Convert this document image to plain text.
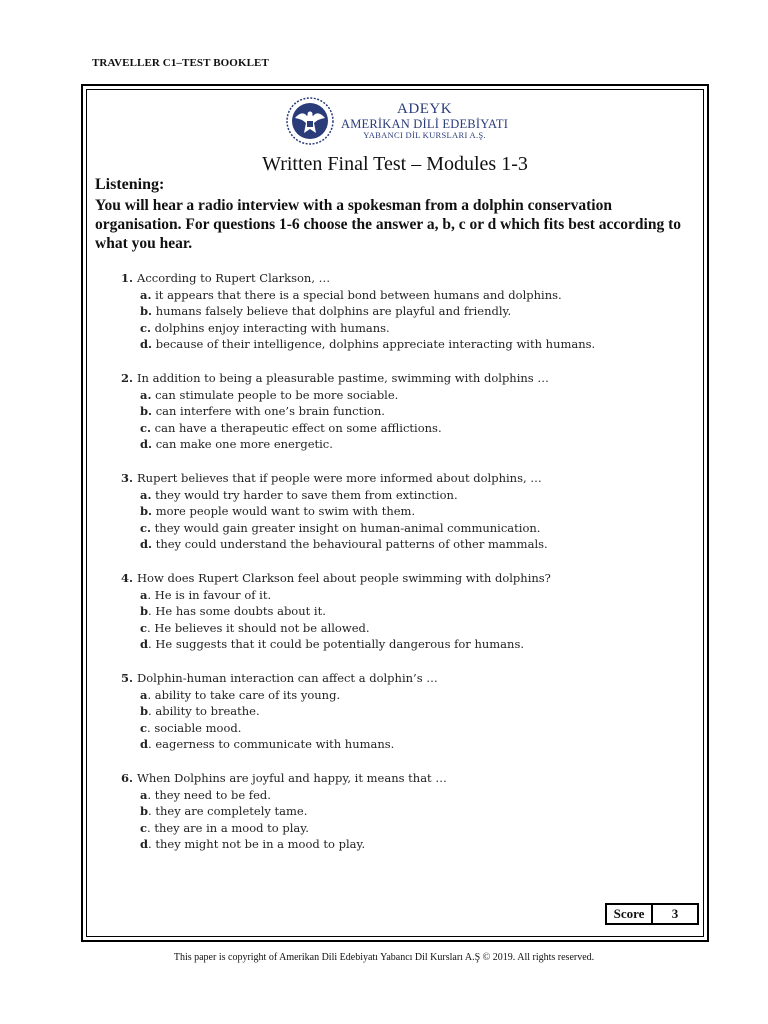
TRAVELLER C1–TEST BOOKLET
ADEYK
AMERİKAN DİLİ EDEBİYATI
YABANCI DİL KURSLARI A.Ş.
Written Final Test – Modules 1-3
Listening:
You will hear a radio interview with a spokesman from a dolphin conservation organisation. For questions 1-6 choose the answer a, b, c or d which fits best according to what you hear.
1. According to Rupert Clarkson, …
a. it appears that there is a special bond between humans and dolphins.
b. humans falsely believe that dolphins are playful and friendly.
c. dolphins enjoy interacting with humans.
d. because of their intelligence, dolphins appreciate interacting with humans.
2. In addition to being a pleasurable pastime, swimming with dolphins …
a. can stimulate people to be more sociable.
b. can interfere with one’s brain function.
c. can have a therapeutic effect on some afflictions.
d. can make one more energetic.
3. Rupert believes that if people were more informed about dolphins, …
a. they would try harder to save them from extinction.
b. more people would want to swim with them.
c. they would gain greater insight on human-animal communication.
d. they could understand the behavioural patterns of other mammals.
4. How does Rupert Clarkson feel about people swimming with dolphins?
a. He is in favour of it.
b. He has some doubts about it.
c. He believes it should not be allowed.
d. He suggests that it could be potentially dangerous for humans.
5. Dolphin-human interaction can affect a dolphin’s …
a. ability to take care of its young.
b. ability to breathe.
c. sociable mood.
d. eagerness to communicate with humans.
6. When Dolphins are joyful and happy, it means that …
a. they need to be fed.
b. they are completely tame.
c. they are in a mood to play.
d. they might not be in a mood to play.
Score	3
This paper is copyright of Amerikan Dili Edebiyatı Yabancı Dil Kursları A.Ş © 2019. All rights reserved.
